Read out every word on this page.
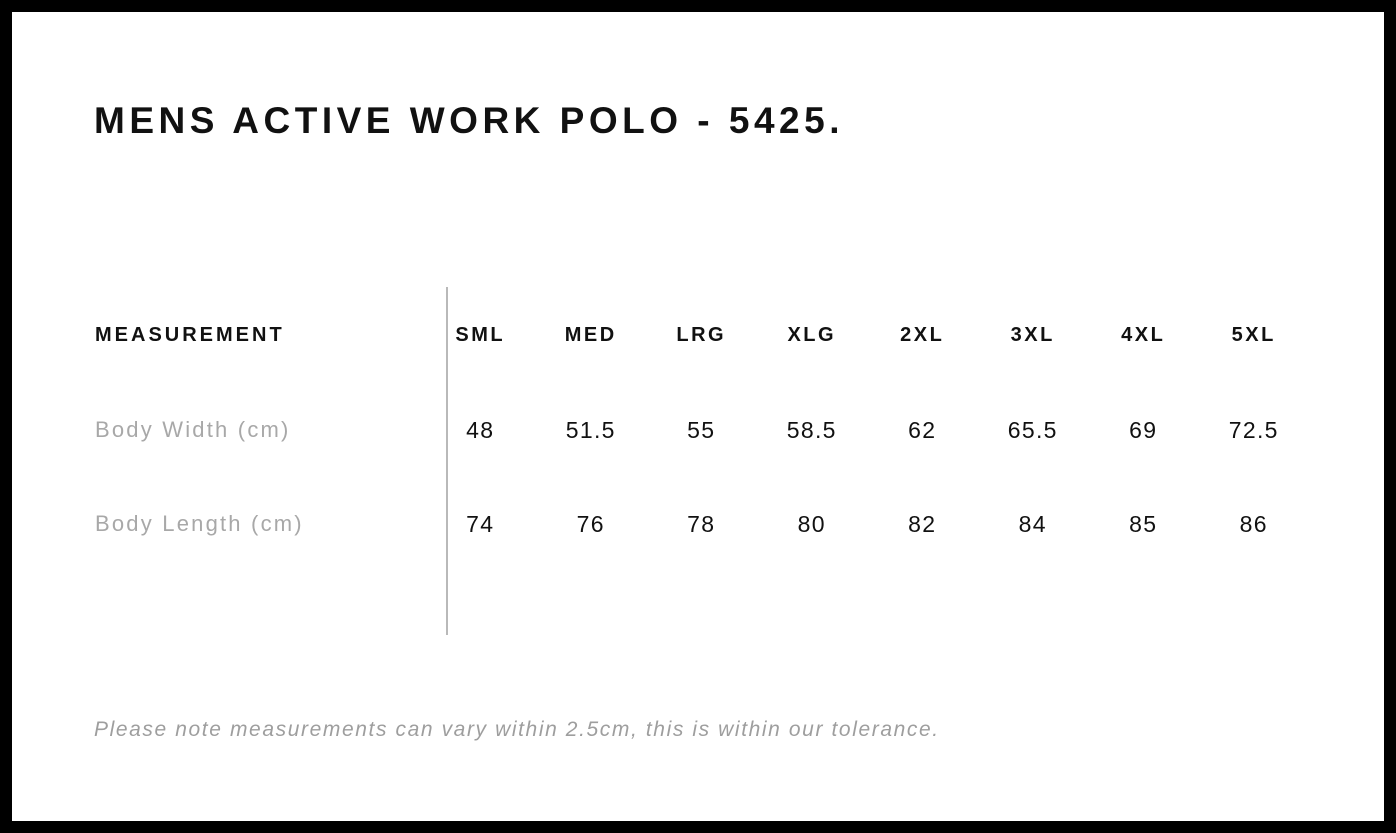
MENS ACTIVE WORK POLO - 5425.
MEASUREMENT	SML	MED	LRG	XLG	2XL	3XL	4XL	5XL
Body Width (cm)	48	51.5	55	58.5	62	65.5	69	72.5
Body Length (cm)	74	76	78	80	82	84	85	86
Please note measurements can vary within 2.5cm, this is within our tolerance.
